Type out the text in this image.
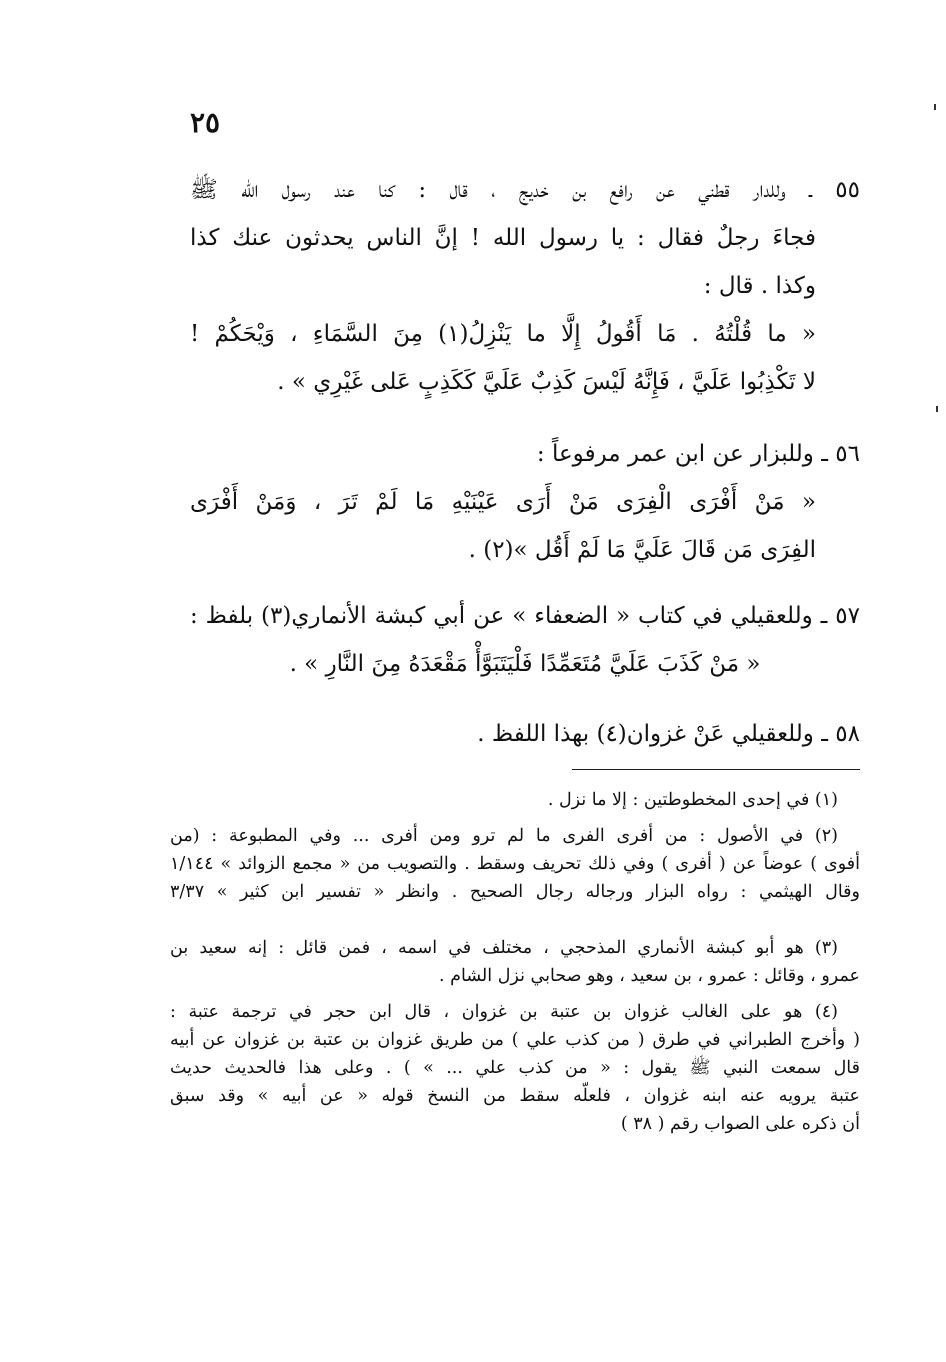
٢٥
٥٥ ـ وللدار قطني عن رافع بن خديج ، قال : كنا عند رسول الله ﷺ
فجاءَ رجلٌ فقال : يا رسول الله ! إنَّ الناس يحدثون عنك كذا
وكذا . قال :
« ما قُلْتُهُ . مَا أَقُولُ إِلَّا ما يَنْزِلُ(١) مِنَ السَّمَاءِ ، وَيْحَكُمْ !
لا تَكْذِبُوا عَلَيَّ ، فَإِنَّهُ لَيْسَ كَذِبٌ عَلَيَّ كَكَذِبٍ عَلى غَيْرِي » .
٥٦ ـ وللبزار عن ابن عمر مرفوعاً :
« مَنْ أَفْرَى الْفِرَى مَنْ أَرَى عَيْنَيْهِ مَا لَمْ تَرَ ، وَمَنْ أَفْرَى
الفِرَى مَن قَالَ عَلَيَّ مَا لَمْ أَقُل »(٢) .
٥٧ ـ وللعقيلي في كتاب « الضعفاء » عن أبي كبشة الأنماري(٣) بلفظ :
« مَنْ كَذَبَ عَلَيَّ مُتَعَمِّدًا فَلْيَتَبَوَّأْ مَقْعَدَهُ مِنَ النَّارِ » .
٥٨ ـ وللعقيلي عَنْ غزوان(٤) بهذا اللفظ .
(١) في إحدى المخطوطتين : إلا ما نزل .
(٢) في الأصول : من أفرى الفرى ما لم ترو ومن أفرى ... وفي المطبوعة : (من
أفوى ) عوضاً عن ( أفرى ) وفي ذلك تحريف وسقط . والتصويب من « مجمع الزوائد » ١/١٤٤
وقال الهيثمي : رواه البزار ورجاله رجال الصحيح . وانظر « تفسير ابن كثير » ٣/٣٧
(٣) هو أبو كبشة الأنماري المذحجي ، مختلف في اسمه ، فمن قائل : إنه سعيد بن
عمرو ، وقائل : عمرو ، بن سعيد ، وهو صحابي نزل الشام .
(٤) هو على الغالب غزوان بن عتبة بن غزوان ، قال ابن حجر في ترجمة عتبة :
( وأخرج الطبراني في طرق ( من كذب علي ) من طريق غزوان بن عتبة بن غزوان عن أبيه
قال سمعت النبي ﷺ يقول : « من كذب علي ... » ) . وعلى هذا فالحديث حديث
عتبة يرويه عنه ابنه غزوان ، فلعلّه سقط من النسخ قوله « عن أبيه » وقد سبق
أن ذكره على الصواب رقم ( ٣٨ )
